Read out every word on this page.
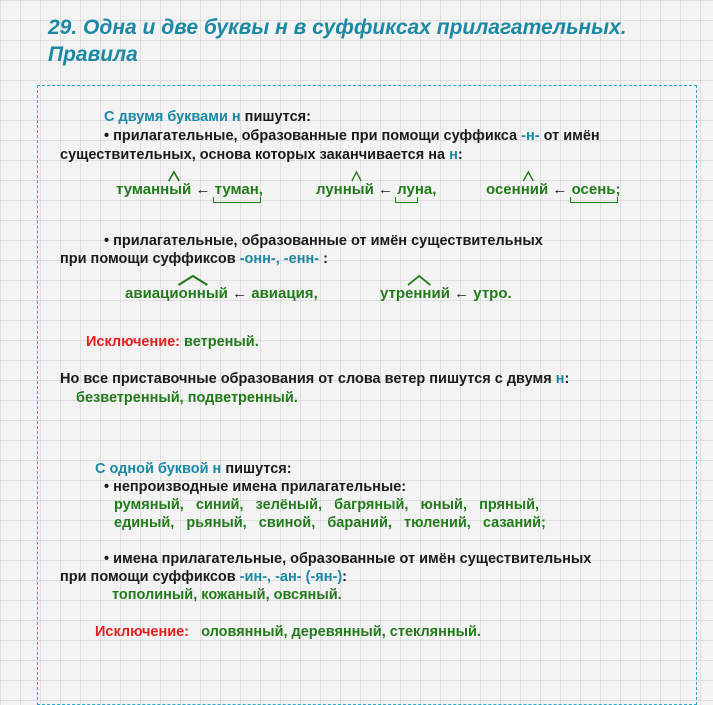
29. Одна и две буквы н в суффиксах прилагательных.
Правила
С двумя буквами н пишутся:
• прилагательные, образованные при помощи суффикса -н- от имён
существительных, основа которых заканчивается на н:
туманный ← туман
,	лунный ← луна
,	осенний ← осень
;
• прилагательные, образованные от имён существительных
при помощи суффиксов -онн-, -енн- :
авиационный ← авиация,	утренний ← утро.
Исключение: ветреный.
Но все приставочные образования от слова ветер пишутся с двумя н:
безветренный, подветренный.
С одной буквой н пишутся:
• непроизводные имена прилагательные:
румяный, синий, зелёный, багряный, юный, пряный,
единый, рьяный, свиной, бараний, тюлений, сазаний;
• имена прилагательные, образованные от имён существительных
при помощи суффиксов -ин-, -ан- (-ян-):
тополиный, кожаный, овсяный.
Исключение: оловянный, деревянный, стеклянный.
